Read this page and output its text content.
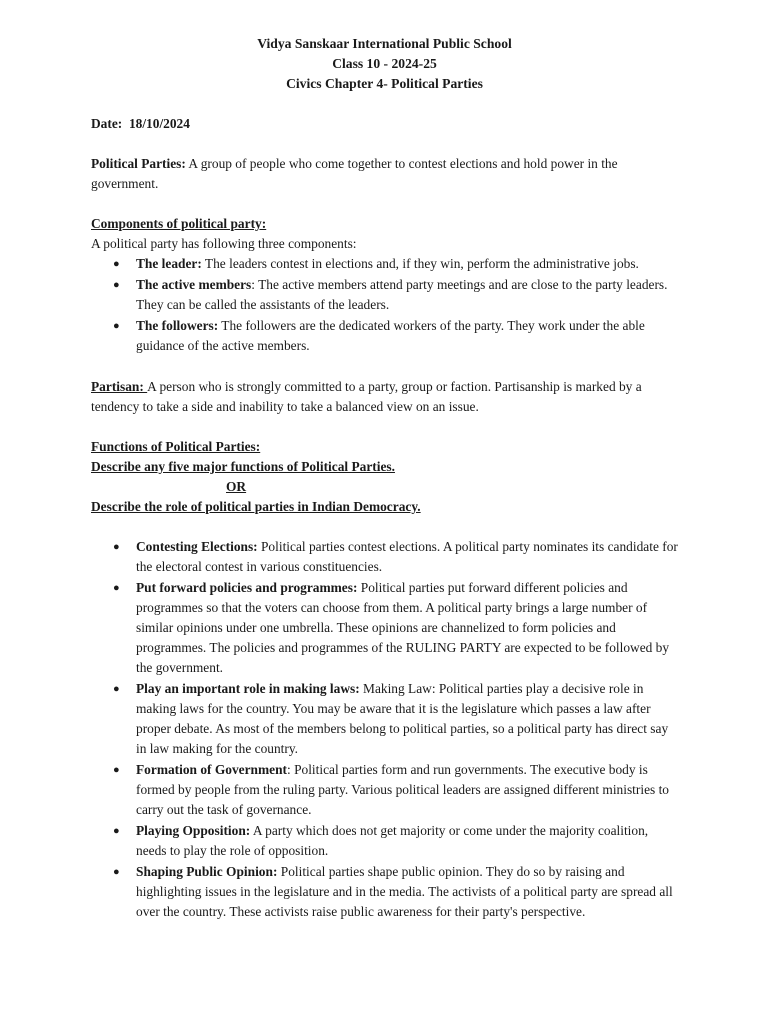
Vidya Sanskaar International Public School
Class 10 - 2024-25
Civics Chapter 4- Political Parties

Date: 18/10/2024

Political Parties: A group of people who come together to contest elections and hold power in the government.

Components of political party:

A political party has following three components:

● The leader: The leaders contest in elections and, if they win, perform the administrative jobs.
● The active members: The active members attend party meetings and are close to the party leaders. They can be called the assistants of the leaders.
● The followers: The followers are the dedicated workers of the party. They work under the able guidance of the active members.

Partisan: A person who is strongly committed to a party, group or faction. Partisanship is marked by a tendency to take a side and inability to take a balanced view on an issue.

Functions of Political Parties:

Describe any five major functions of Political Parties.

OR

Describe the role of political parties in Indian Democracy.

● Contesting Elections: Political parties contest elections. A political party nominates its candidate for the electoral contest in various constituencies.
● Put forward policies and programmes: Political parties put forward different policies and programmes so that the voters can choose from them. A political party brings a large number of similar opinions under one umbrella. These opinions are channelized to form policies and programmes. The policies and programmes of the RULING PARTY are expected to be followed by the government.
● Play an important role in making laws: Making Law: Political parties play a decisive role in making laws for the country. You may be aware that it is the legislature which passes a law after proper debate. As most of the members belong to political parties, so a political party has direct say in law making for the country.
● Formation of Government: Political parties form and run governments. The executive body is formed by people from the ruling party. Various political leaders are assigned different ministries to carry out the task of governance.
● Playing Opposition: A party which does not get majority or come under the majority coalition, needs to play the role of opposition.
● Shaping Public Opinion: Political parties shape public opinion. They do so by raising and highlighting issues in the legislature and in the media. The activists of a political party are spread all over the country. These activists raise public awareness for their party's perspective.
